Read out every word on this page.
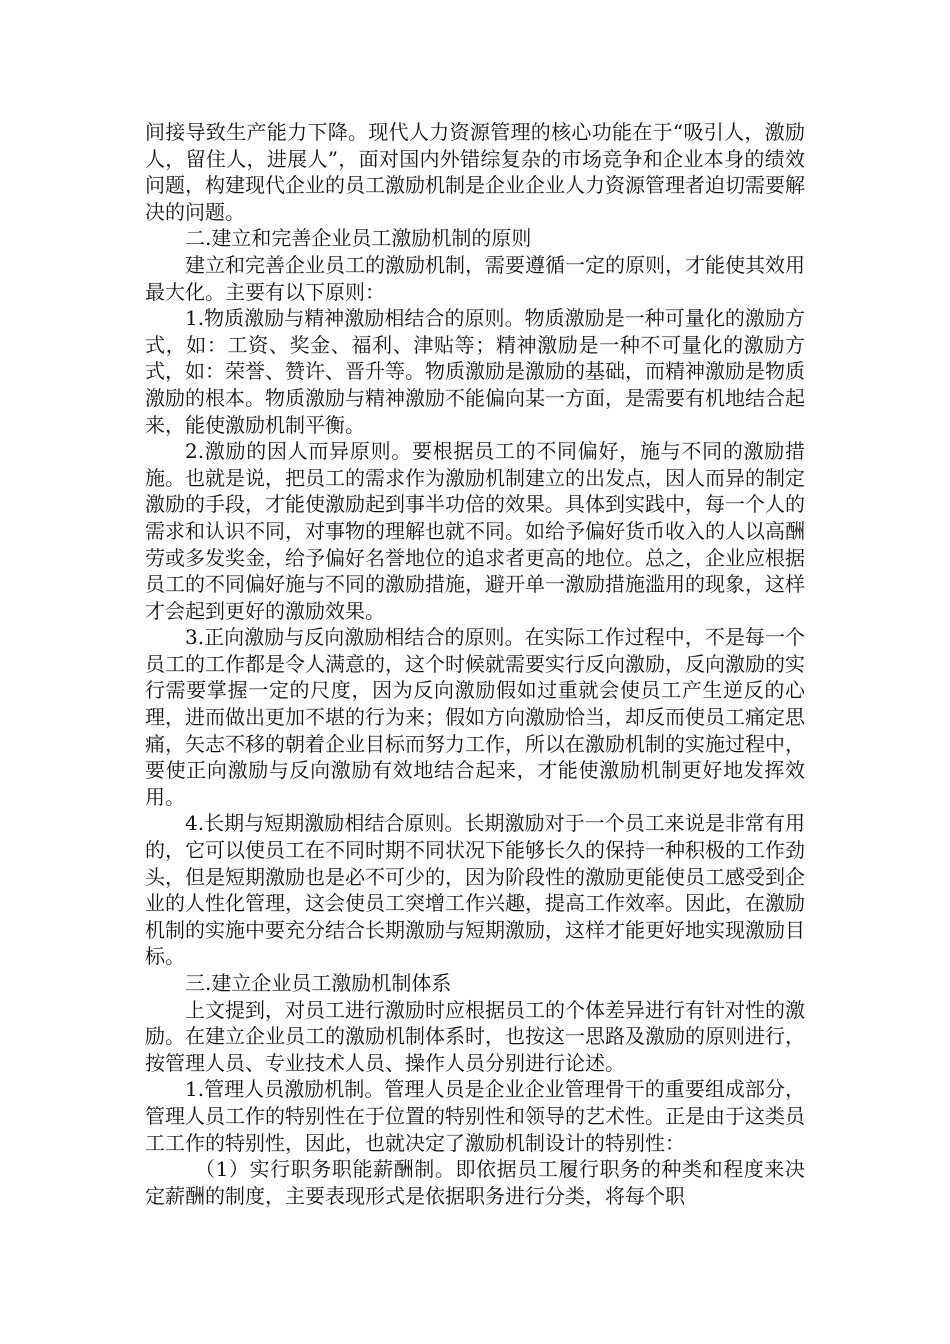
间接导致生产能力下降。现代人力资源管理的核心功能在于“吸引人，激励人，留住人，进展人”，面对国内外错综复杂的市场竞争和企业本身的绩效问题，构建现代企业的员工激励机制是企业企业人力资源管理者迫切需要解决的问题。

二.建立和完善企业员工激励机制的原则

建立和完善企业员工的激励机制，需要遵循一定的原则，才能使其效用最大化。主要有以下原则：

1.物质激励与精神激励相结合的原则。物质激励是一种可量化的激励方式，如：工资、奖金、福利、津贴等；精神激励是一种不可量化的激励方式，如：荣誉、赞许、晋升等。物质激励是激励的基础，而精神激励是物质激励的根本。物质激励与精神激励不能偏向某一方面，是需要有机地结合起来，能使激励机制平衡。

2.激励的因人而异原则。要根据员工的不同偏好，施与不同的激励措施。也就是说，把员工的需求作为激励机制建立的出发点，因人而异的制定激励的手段，才能使激励起到事半功倍的效果。具体到实践中，每一个人的需求和认识不同，对事物的理解也就不同。如给予偏好货币收入的人以高酬劳或多发奖金，给予偏好名誉地位的追求者更高的地位。总之，企业应根据员工的不同偏好施与不同的激励措施，避开单一激励措施滥用的现象，这样才会起到更好的激励效果。

3.正向激励与反向激励相结合的原则。在实际工作过程中，不是每一个员工的工作都是令人满意的，这个时候就需要实行反向激励，反向激励的实行需要掌握一定的尺度，因为反向激励假如过重就会使员工产生逆反的心理，进而做出更加不堪的行为来；假如方向激励恰当，却反而使员工痛定思痛，矢志不移的朝着企业目标而努力工作，所以在激励机制的实施过程中，要使正向激励与反向激励有效地结合起来，才能使激励机制更好地发挥效用。

4.长期与短期激励相结合原则。长期激励对于一个员工来说是非常有用的，它可以使员工在不同时期不同状况下能够长久的保持一种积极的工作劲头，但是短期激励也是必不可少的，因为阶段性的激励更能使员工感受到企业的人性化管理，这会使员工突增工作兴趣，提高工作效率。因此，在激励机制的实施中要充分结合长期激励与短期激励，这样才能更好地实现激励目标。

三.建立企业员工激励机制体系

上文提到，对员工进行激励时应根据员工的个体差异进行有针对性的激励。在建立企业员工的激励机制体系时，也按这一思路及激励的原则进行，按管理人员、专业技术人员、操作人员分别进行论述。

1.管理人员激励机制。管理人员是企业企业管理骨干的重要组成部分，管理人员工作的特别性在于位置的特别性和领导的艺术性。正是由于这类员工工作的特别性，因此，也就决定了激励机制设计的特别性：

（1）实行职务职能薪酬制。即依据员工履行职务的种类和程度来决定薪酬的制度，主要表现形式是依据职务进行分类，将每个职
